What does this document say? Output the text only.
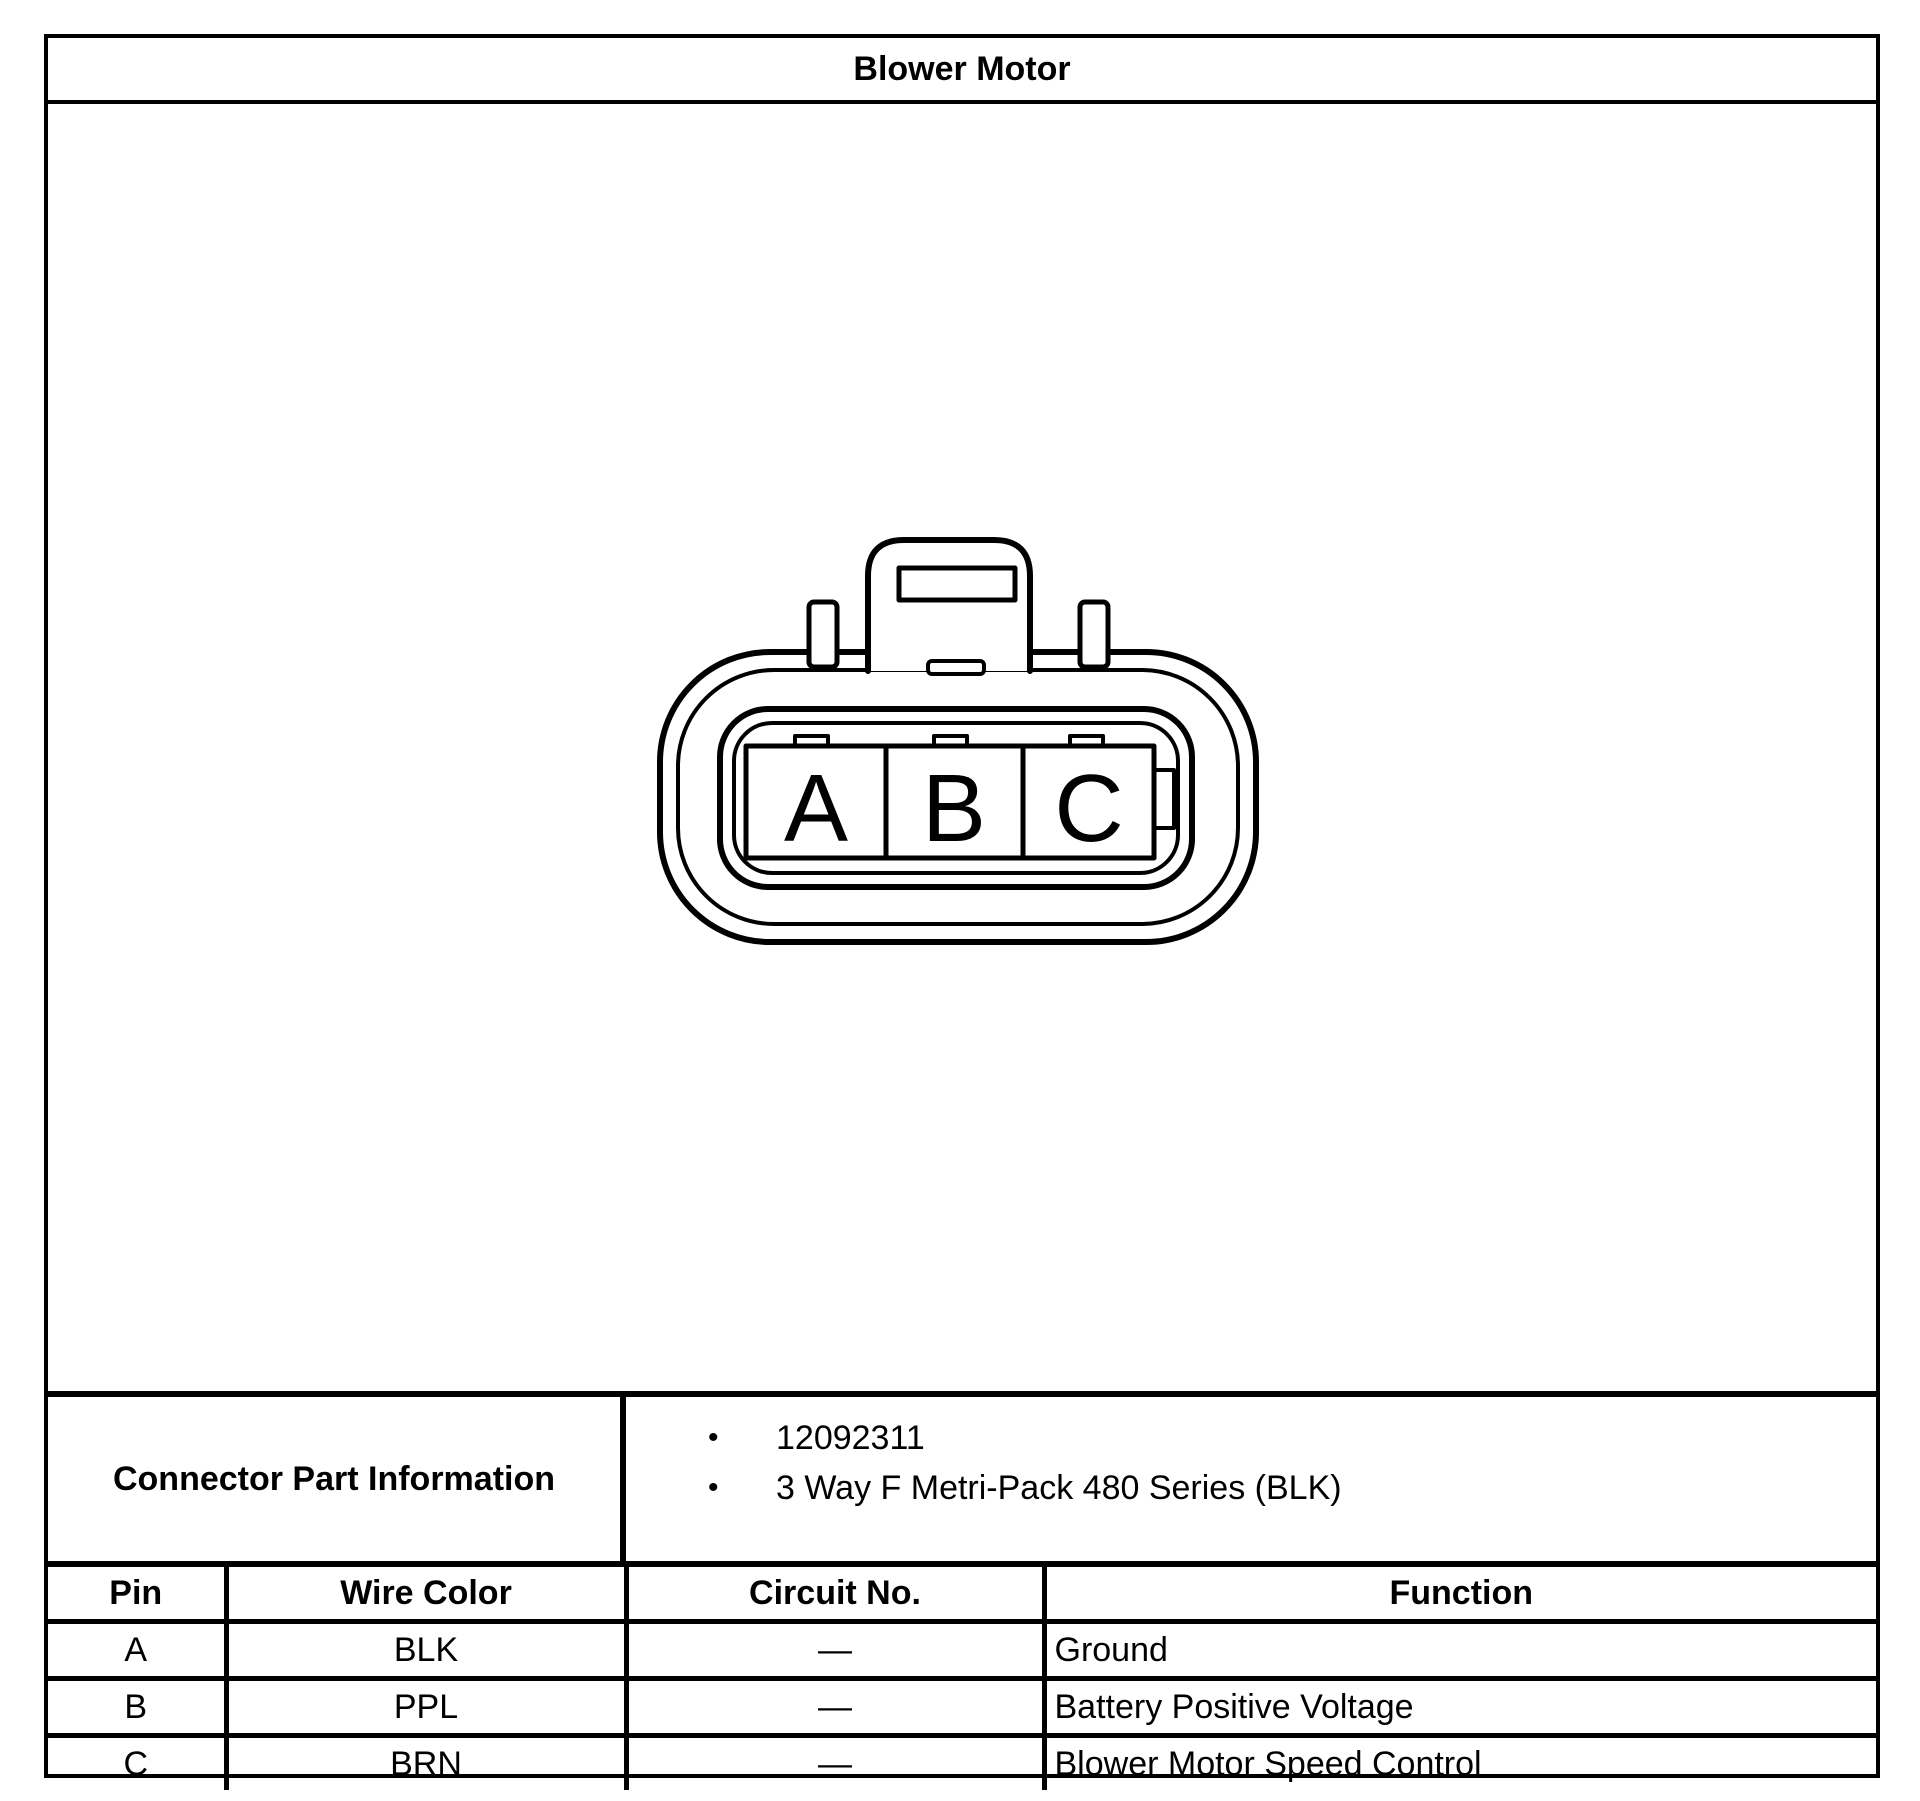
Blower Motor
A B C
Connector Part Information
• 12092311
• 3 Way F Metri-Pack 480 Series (BLK)
Pin	Wire Color	Circuit No.	Function
A	BLK	—	Ground
B	PPL	—	Battery Positive Voltage
C	BRN	—	Blower Motor Speed Control
